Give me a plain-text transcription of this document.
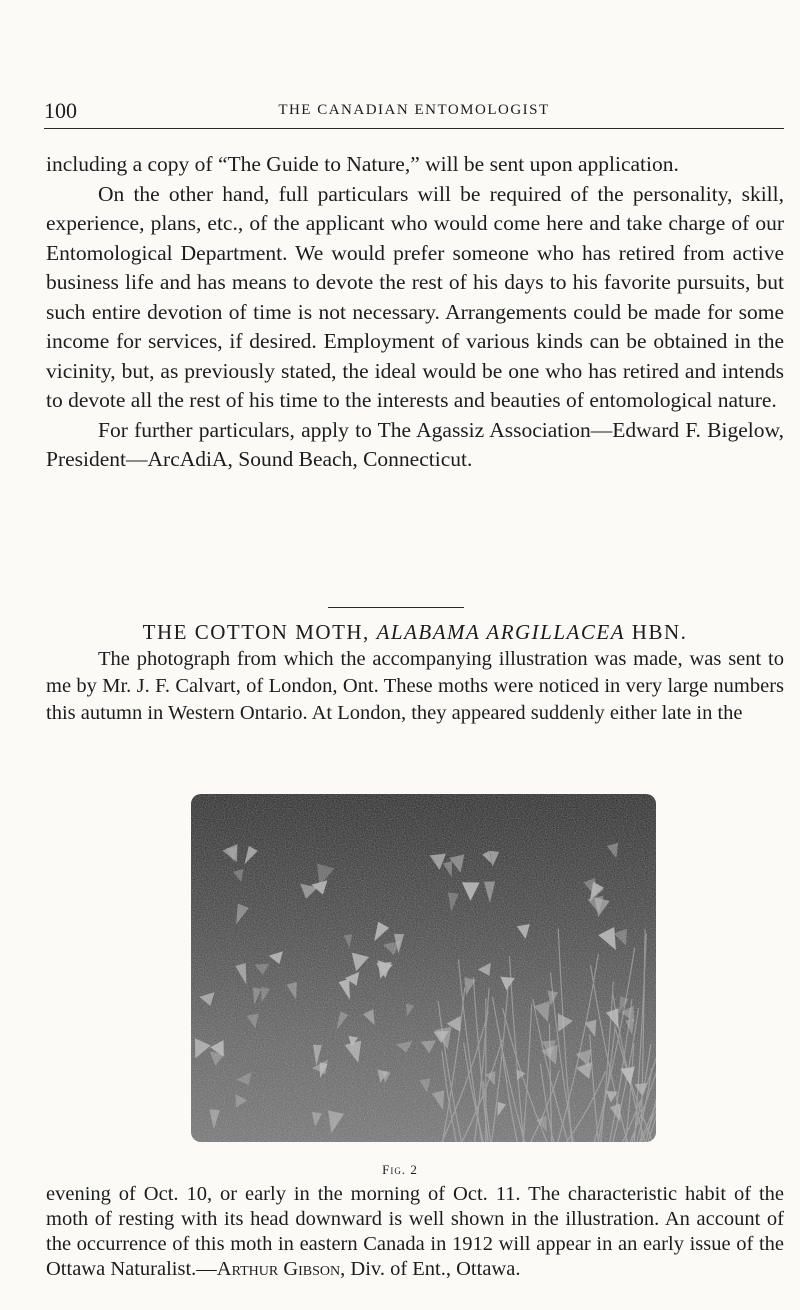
100	THE CANADIAN ENTOMOLOGIST

including a copy of “The Guide to Nature,” will be sent upon application.

On the other hand, full particulars will be required of the personality, skill, experience, plans, etc., of the applicant who would come here and take charge of our Entomological Department. We would prefer someone who has retired from active business life and has means to devote the rest of his days to his favorite pursuits, but such entire devotion of time is not necessary. Arrangements could be made for some income for services, if desired. Employment of various kinds can be obtained in the vicinity, but, as previously stated, the ideal would be one who has retired and intends to devote all the rest of his time to the interests and beauties of entomological nature.

For further particulars, apply to The Agassiz Association—Edward F. Bigelow, President—ArcAdiA, Sound Beach, Connecticut.

THE COTTON MOTH, ALABAMA ARGILLACEA HBN.

The photograph from which the accompanying illustration was made, was sent to me by Mr. J. F. Calvart, of London, Ont. These moths were noticed in very large numbers this autumn in Western Ontario. At London, they appeared suddenly either late in the

Fig. 2

evening of Oct. 10, or early in the morning of Oct. 11. The characteristic habit of the moth of resting with its head downward is well shown in the illustration. An account of the occurrence of this moth in eastern Canada in 1912 will appear in an early issue of the Ottawa Naturalist.—Arthur Gibson, Div. of Ent., Ottawa.
